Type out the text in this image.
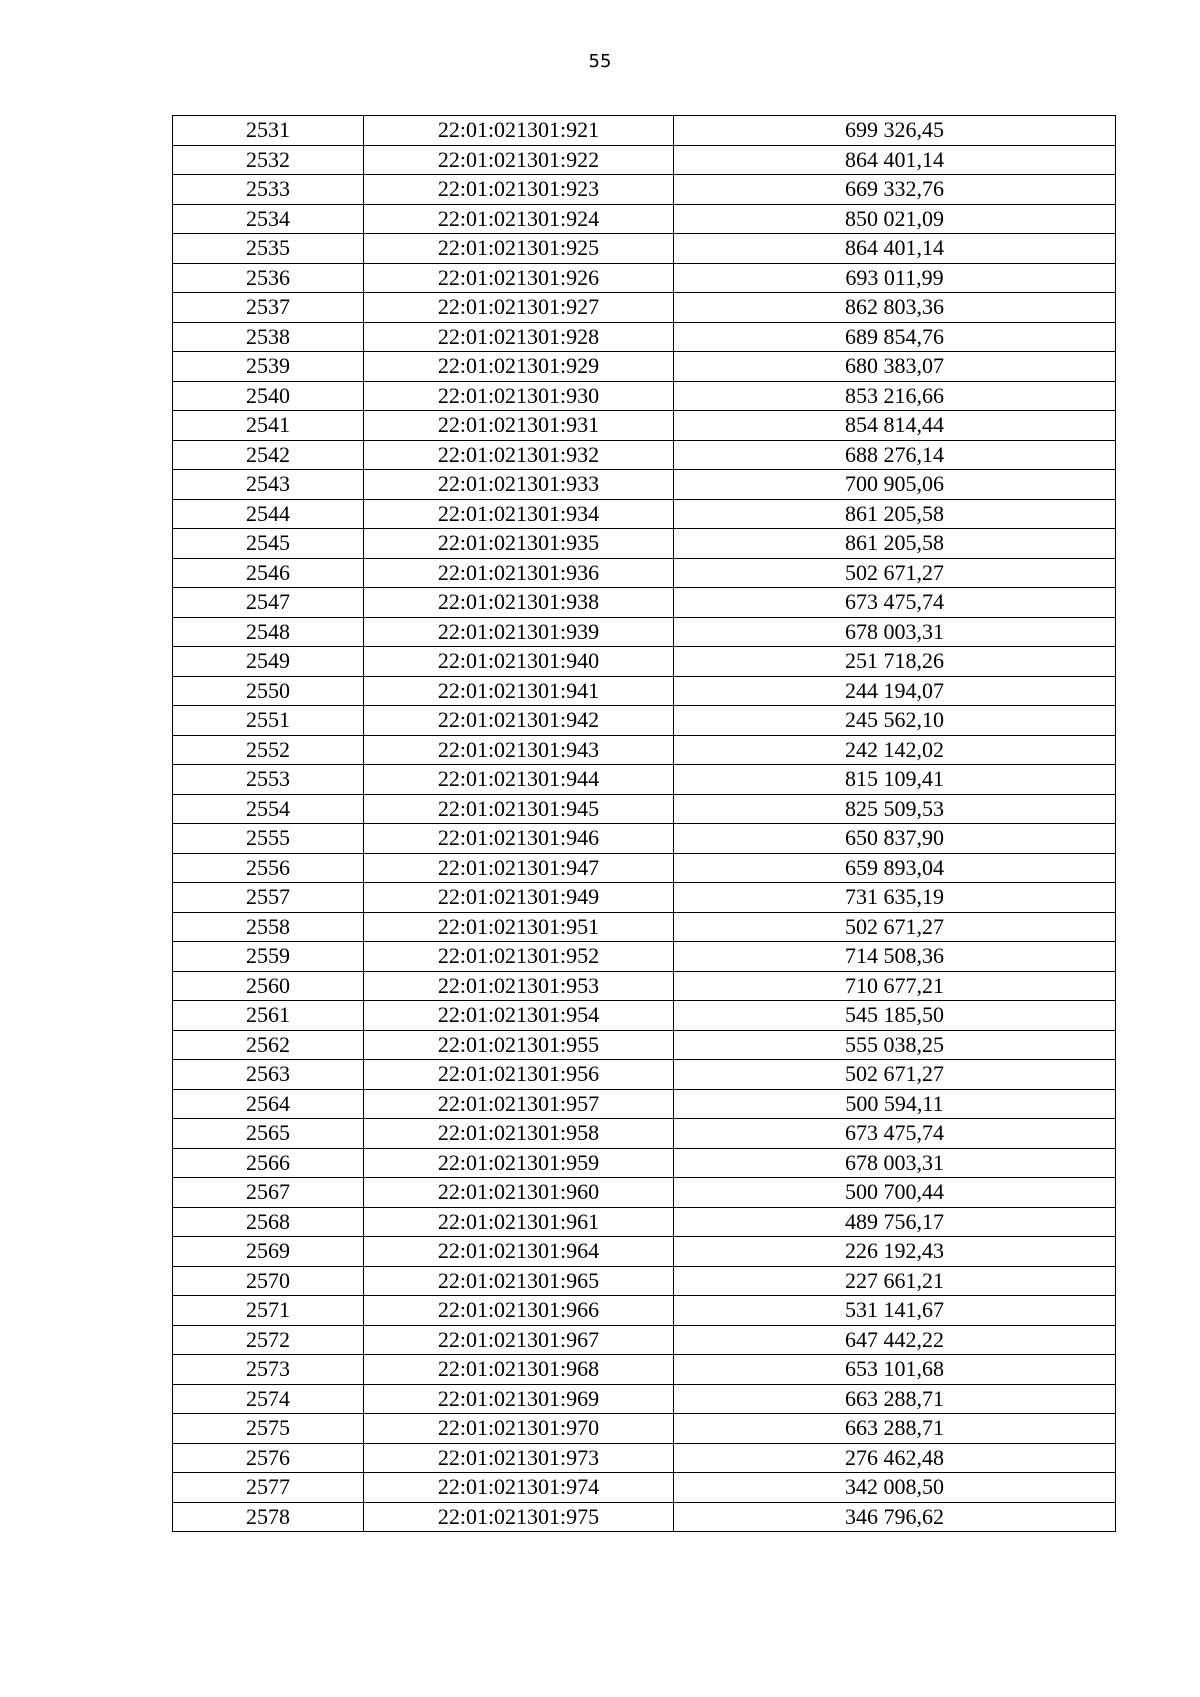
55
2531	22:01:021301:921	699 326,45
2532	22:01:021301:922	864 401,14
2533	22:01:021301:923	669 332,76
2534	22:01:021301:924	850 021,09
2535	22:01:021301:925	864 401,14
2536	22:01:021301:926	693 011,99
2537	22:01:021301:927	862 803,36
2538	22:01:021301:928	689 854,76
2539	22:01:021301:929	680 383,07
2540	22:01:021301:930	853 216,66
2541	22:01:021301:931	854 814,44
2542	22:01:021301:932	688 276,14
2543	22:01:021301:933	700 905,06
2544	22:01:021301:934	861 205,58
2545	22:01:021301:935	861 205,58
2546	22:01:021301:936	502 671,27
2547	22:01:021301:938	673 475,74
2548	22:01:021301:939	678 003,31
2549	22:01:021301:940	251 718,26
2550	22:01:021301:941	244 194,07
2551	22:01:021301:942	245 562,10
2552	22:01:021301:943	242 142,02
2553	22:01:021301:944	815 109,41
2554	22:01:021301:945	825 509,53
2555	22:01:021301:946	650 837,90
2556	22:01:021301:947	659 893,04
2557	22:01:021301:949	731 635,19
2558	22:01:021301:951	502 671,27
2559	22:01:021301:952	714 508,36
2560	22:01:021301:953	710 677,21
2561	22:01:021301:954	545 185,50
2562	22:01:021301:955	555 038,25
2563	22:01:021301:956	502 671,27
2564	22:01:021301:957	500 594,11
2565	22:01:021301:958	673 475,74
2566	22:01:021301:959	678 003,31
2567	22:01:021301:960	500 700,44
2568	22:01:021301:961	489 756,17
2569	22:01:021301:964	226 192,43
2570	22:01:021301:965	227 661,21
2571	22:01:021301:966	531 141,67
2572	22:01:021301:967	647 442,22
2573	22:01:021301:968	653 101,68
2574	22:01:021301:969	663 288,71
2575	22:01:021301:970	663 288,71
2576	22:01:021301:973	276 462,48
2577	22:01:021301:974	342 008,50
2578	22:01:021301:975	346 796,62
